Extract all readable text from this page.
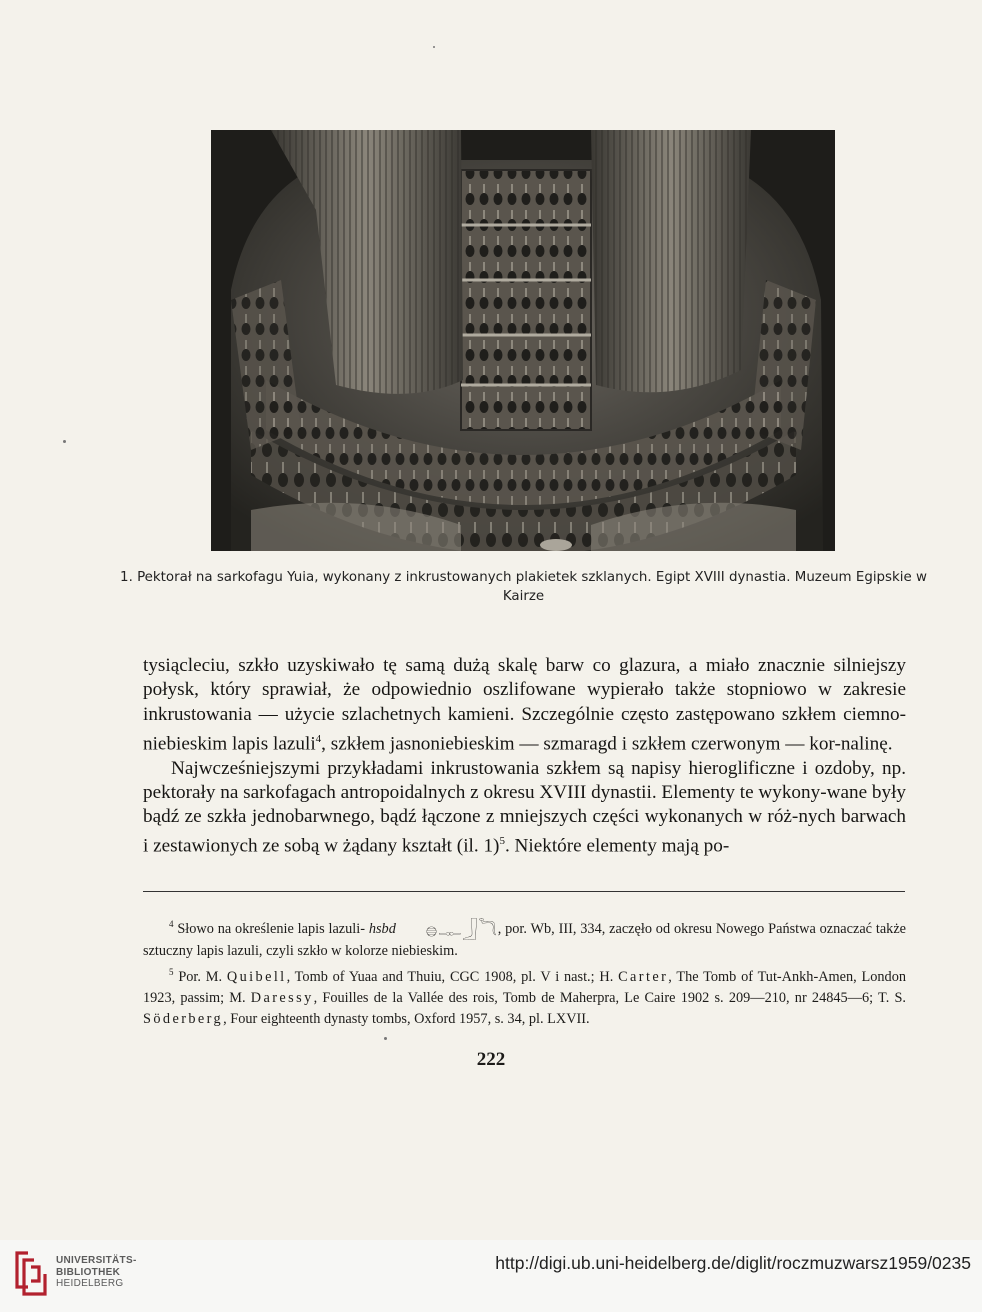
1. Pektorał na sarkofagu Yuia, wykonany z inkrustowanych plakietek szklanych. Egipt XVIII dynastia. Muzeum Egipskie w Kairze

tysiącleciu, szkło uzyskiwało tę samą dużą skalę barw co glazura, a miało znacznie silniejszy połysk, który sprawiał, że odpowiednio oszlifowane wypierało także stopniowo w zakresie inkrustowania — użycie szlachetnych kamieni. Szczególnie często zastępowano szkłem ciemno-niebieskim lapis lazuli$^4$, szkłem jasnoniebieskim — szmaragd i szkłem czerwonym — kor-nalinę.

Najwcześniejszymi przykładami inkrustowania szkłem są napisy hieroglificzne i ozdoby, np. pektorały na sarkofagach antropoidalnych z okresu XVIII dynastii. Elementy te wykony-wane były bądź ze szkła jednobarwnego, bądź łączone z mniejszych części wykonanych w róż-nych barwach i zestawionych ze sobą w żądany kształt (il. 1)$^5$. Niektóre elementy mają po-

$^4$ Słowo na określenie lapis lazuli- hsbd 𓐍𓊃𓃀𓆓, por. Wb, III, 334, zaczęło od okresu Nowego Państwa oznaczać także sztuczny lapis lazuli, czyli szkło w kolorze niebieskim.

$^5$ Por. M. Quibell, Tomb of Yuaa and Thuiu, CGC 1908, pl. V i nast.; H. Carter, The Tomb of Tut-Ankh-Amen, London 1923, passim; M. Daressy, Fouilles de la Vallée des rois, Tomb de Maherpra, Le Caire 1902 s. 209—210, nr 24845—6; T. S. Söderberg, Four eighteenth dynasty tombs, Oxford 1957, s. 34, pl. LXVII.

222
UNIVERSITÄTS-
BIBLIOTHEK
HEIDELBERG
http://digi.ub.uni-heidelberg.de/diglit/roczmuzwarsz1959/0235
